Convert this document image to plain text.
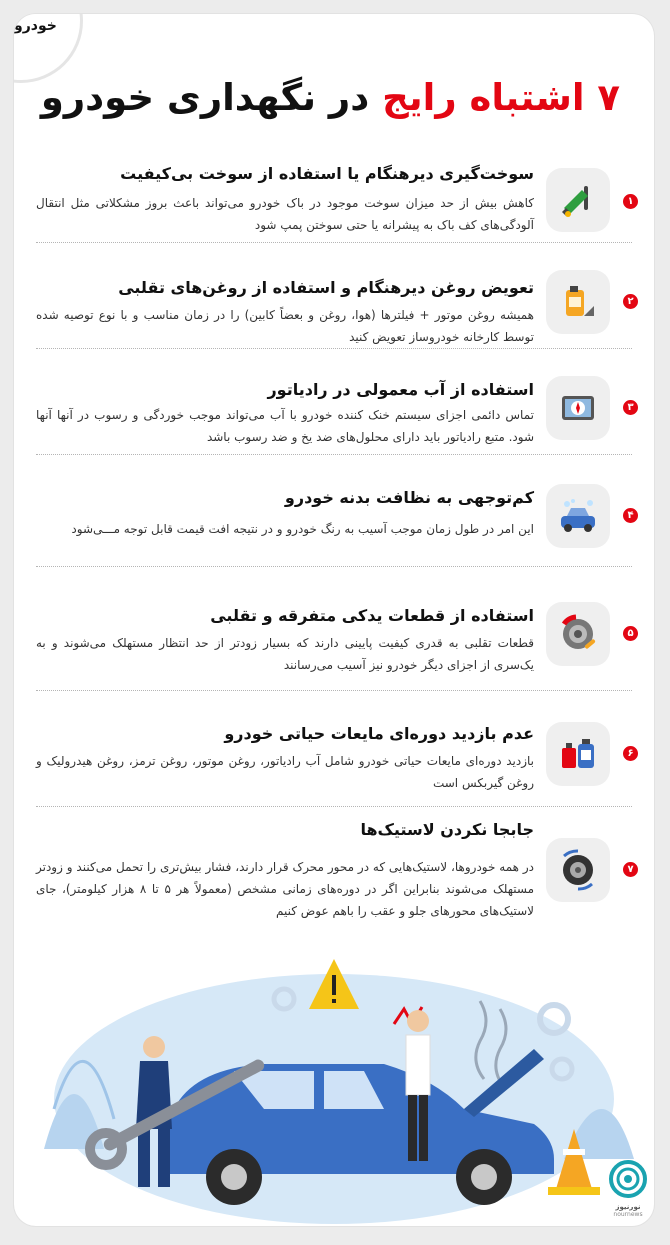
خودرو
۷ اشتباه رایج در نگهداری خودرو
۱
سوخت‌گیری دیرهنگام یا استفاده از سوخت بی‌کیفیت
کاهش بیش از حد میزان سوخت موجود در باک خودرو می‌تواند باعث بروز مشکلاتی مثل انتقال آلودگی‌های کف باک به پیشرانه یا حتی سوختن پمپ شود
۲
تعویض روغن دیرهنگام و استفاده از روغن‌های تقلبی
همیشه روغن موتور + فیلترها (هوا، روغن و بعضاً کابین) را در زمان مناسب و با نوع توصیه شده توسط کارخانه خودروساز تعویض کنید
۳
استفاده از آب معمولی در رادیاتور
تماس دائمی اجزای سیستم خنک کننده خودرو با آب می‌تواند موجب خوردگی و رسوب در آنها آنها شود. متبع رادیاتور باید دارای محلول‌های ضد یخ و ضد رسوب باشد
۴
کم‌توجهی به نظافت بدنه خودرو
این امر در طول زمان موجب آسیب به رنگ خودرو و در نتیجه افت قیمت قابل توجه مـــی‌شود
۵
استفاده از قطعات یدکی متفرقه و تقلبی
قطعات تقلبی به قدری کیفیت پایینی دارند که بسیار زودتر از حد انتظار مستهلک می‌شوند و به یک‌سری از اجزای دیگر خودرو نیز آسیب می‌رسانند
۶
عدم بازدید دوره‌ای مایعات حیاتی خودرو
بازدید دوره‌ای مایعات حیاتی خودرو شامل آب رادیاتور، روغن موتور، روغن ترمز، روغن هیدرولیک و روغن گیربکس است
۷
جابجا نکردن لاستیک‌ها
در همه خودروها، لاستیک‌هایی که در محور محرک قرار دارند، فشار بیش‌تری را تحمل می‌کنند و زودتر مستهلک می‌شوند بنابراین اگر در دوره‌های زمانی مشخص (معمولاً هر ۵ تا ۸ هزار کیلومتر)، جای لاستیک‌های محورهای جلو و عقب را باهم عوض کنیم
نورنیوز
nournews
